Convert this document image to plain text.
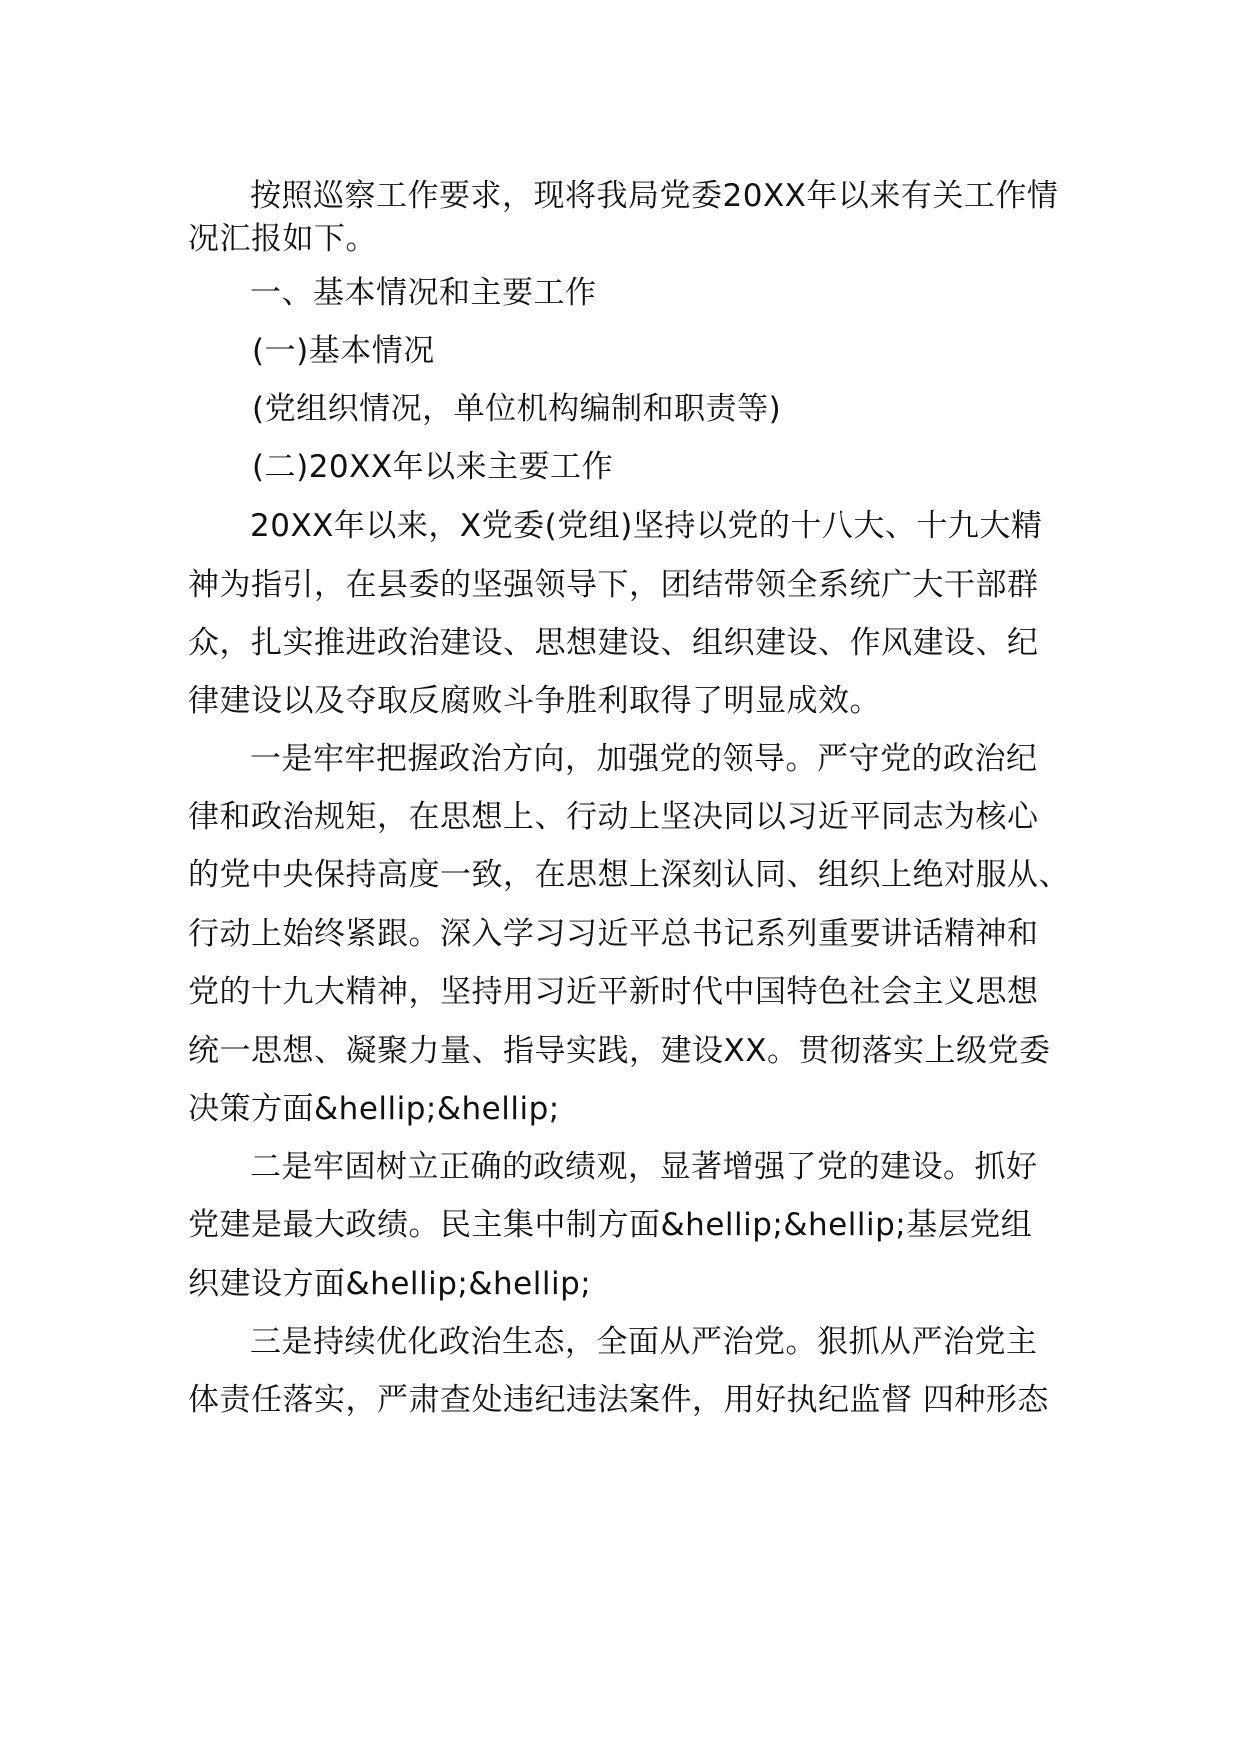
按照巡察工作要求，现将我局党委20XX年以来有关工作情
况汇报如下。
一、基本情况和主要工作
(一)基本情况
(党组织情况，单位机构编制和职责等)
(二)20XX年以来主要工作
20XX年以来，X党委(党组)坚持以党的十八大、十九大精
神为指引，在县委的坚强领导下，团结带领全系统广大干部群
众，扎实推进政治建设、思想建设、组织建设、作风建设、纪
律建设以及夺取反腐败斗争胜利取得了明显成效。
一是牢牢把握政治方向，加强党的领导。严守党的政治纪
律和政治规矩，在思想上、行动上坚决同以习近平同志为核心
的党中央保持高度一致，在思想上深刻认同、组织上绝对服从、
行动上始终紧跟。深入学习习近平总书记系列重要讲话精神和
党的十九大精神，坚持用习近平新时代中国特色社会主义思想
统一思想、凝聚力量、指导实践，建设XX。贯彻落实上级党委
决策方面&hellip;&hellip;
二是牢固树立正确的政绩观，显著增强了党的建设。抓好
党建是最大政绩。民主集中制方面&hellip;&hellip;基层党组
织建设方面&hellip;&hellip;
三是持续优化政治生态，全面从严治党。狠抓从严治党主
体责任落实，严肃查处违纪违法案件，用好执纪监督 四种形态
